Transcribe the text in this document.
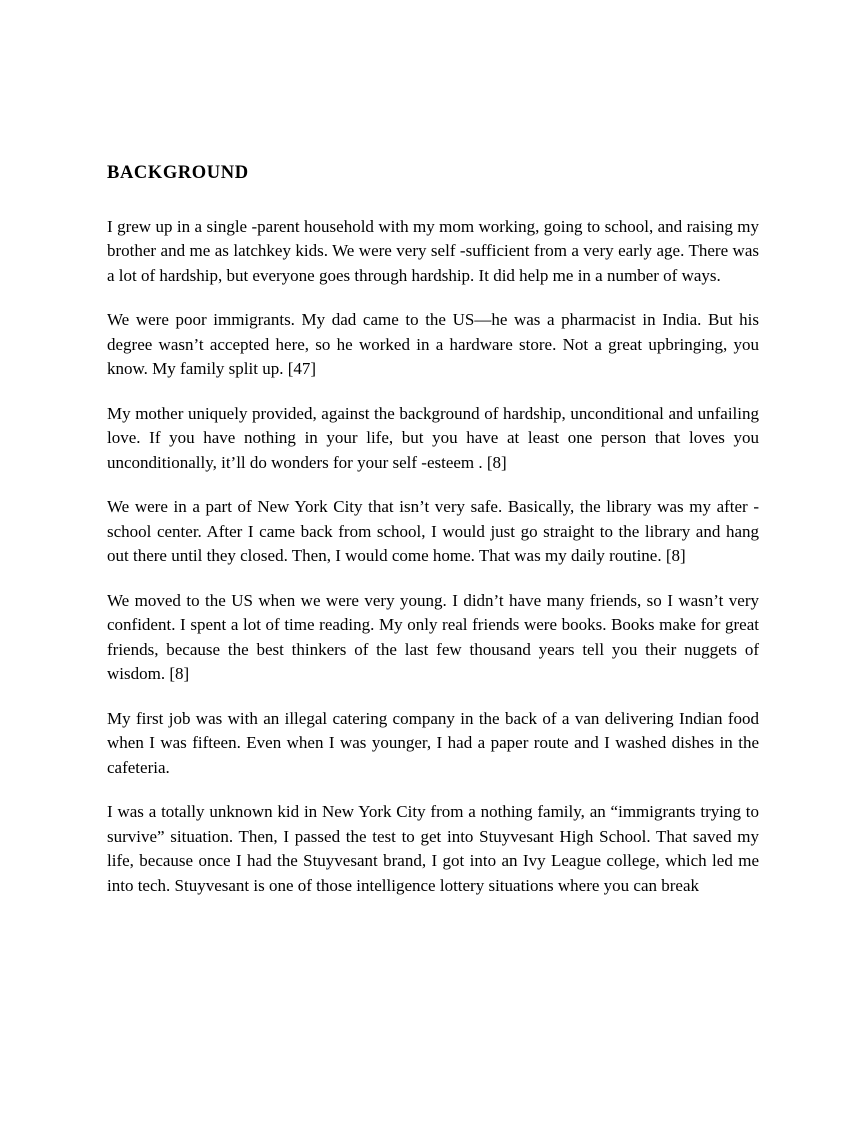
BACKGROUND

I grew up in a single -parent household with my mom working, going to school, and raising my brother and me as latchkey kids. We were very self -sufficient from a very early age. There was a lot of hardship, but everyone goes through hardship. It did help me in a number of ways.

We were poor immigrants. My dad came to the US—he was a pharmacist in India. But his degree wasn’t accepted here, so he worked in a hardware store. Not a great upbringing, you know. My family split up. [47]

My mother uniquely provided, against the background of hardship, unconditional and unfailing love. If you have nothing in your life, but you have at least one person that loves you unconditionally, it’ll do wonders for your self -esteem . [8]

We were in a part of New York City that isn’t very safe. Basically, the library was my after -school center. After I came back from school, I would just go straight to the library and hang out there until they closed. Then, I would come home. That was my daily routine. [8]

We moved to the US when we were very young. I didn’t have many friends, so I wasn’t very confident. I spent a lot of time reading. My only real friends were books. Books make for great friends, because the best thinkers of the last few thousand years tell you their nuggets of wisdom. [8]

My first job was with an illegal catering company in the back of a van delivering Indian food when I was fifteen. Even when I was younger, I had a paper route and I washed dishes in the cafeteria.

I was a totally unknown kid in New York City from a nothing family, an “immigrants trying to survive” situation. Then, I passed the test to get into Stuyvesant High School. That saved my life, because once I had the Stuyvesant brand, I got into an Ivy League college, which led me into tech. Stuyvesant is one of those intelligence lottery situations where you can break
